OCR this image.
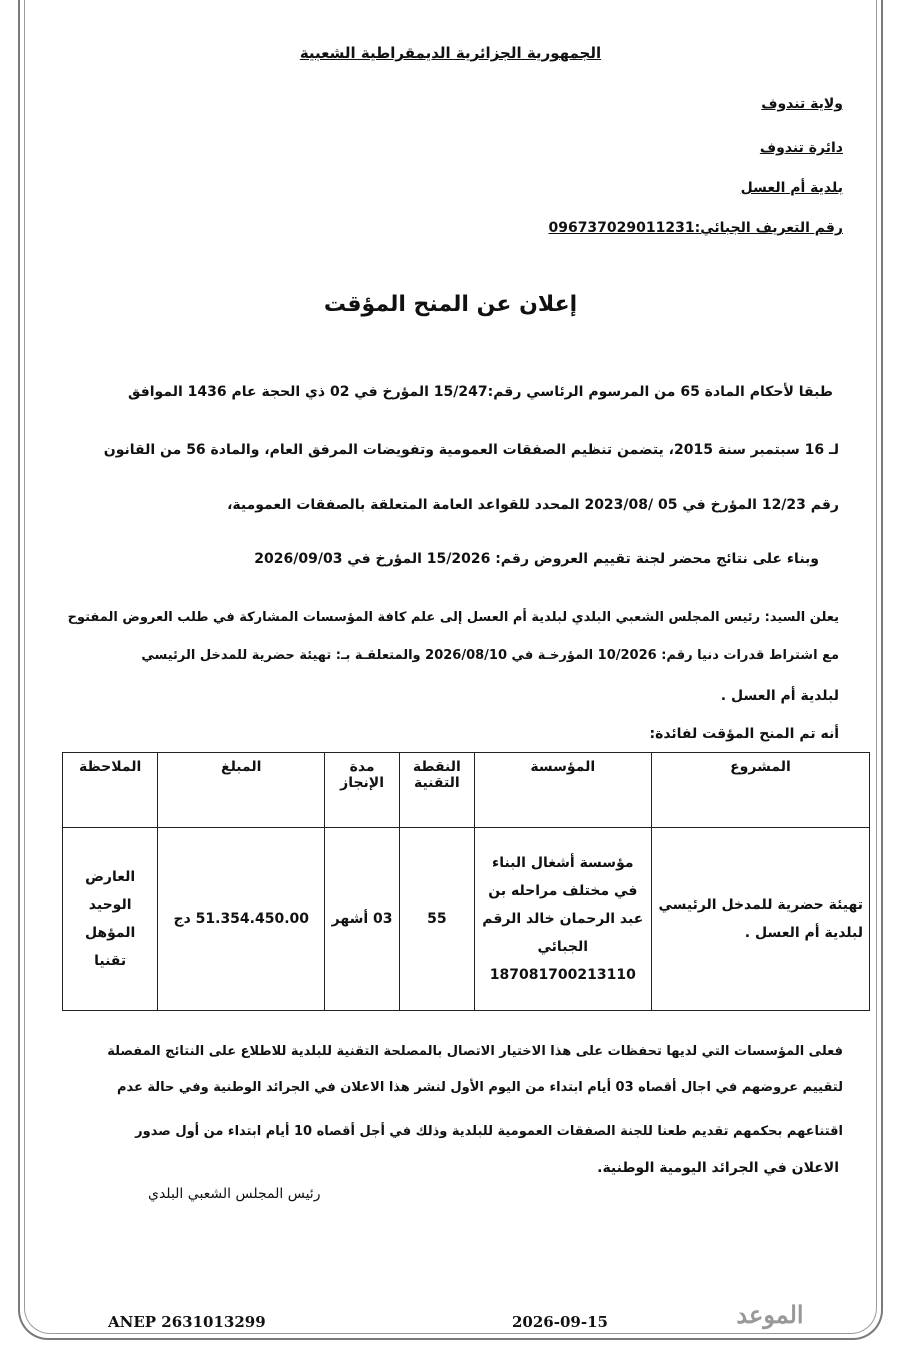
الجمهورية الجزائرية الديمقراطية الشعبية
ولاية تندوف
دائرة تندوف
بلدية أم العسل
رقم التعريف الجبائي:096737029011231
إعلان عن المنح المؤقت
طبقا لأحكام المادة 65 من المرسوم الرئاسي رقم:15/247 المؤرخ في 02 ذي الحجة عام 1436 الموافق
لـ 16 سبتمبر سنة 2015، يتضمن تنظيم الصفقات العمومية وتفويضات المرفق العام، والمادة 56 من القانون
رقم 12/23 المؤرخ في 05 /2023/08 المحدد للقواعد العامة المتعلقة بالصفقات العمومية،
وبناء على نتائج محضر لجنة تقييم العروض رقم: 15/2026 المؤرخ في 2026/09/03
يعلن السيد: رئيس المجلس الشعبي البلدي لبلدية أم العسل إلى علم كافة المؤسسات المشاركة في طلب العروض المفتوح
مع اشتراط قدرات دنيا رقم: 10/2026 المؤرخـة في 2026/08/10 والمتعلقـة بـ: تهيئة حضرية للمدخل الرئيسي
لبلدية أم العسل .
أنه تم المنح المؤقت لفائدة:
المشروع	المؤسسة	النقطة التقنية	مدة الإنجاز	المبلغ	الملاحظة
تهيئة حضرية للمدخل الرئيسي لبلدية أم العسل .	مؤسسة أشغال البناء في مختلف مراحله بن عبد الرحمان خالد الرقم الجبائي 187081700213110	55	03 أشهر	51.354.450.00 دج	العارض الوحيد المؤهل تقنيا
فعلى المؤسسات التي لديها تحفظات على هذا الاختيار الاتصال بالمصلحة التقنية للبلدية للاطلاع على النتائج المفصلة
لتقييم عروضهم في اجال أقصاه 03 أيام ابتداء من اليوم الأول لنشر هذا الاعلان في الجرائد الوطنية وفي حالة عدم
اقتناعهم بحكمهم تقديم طعنا للجنة الصفقات العمومية للبلدية وذلك في أجل أقصاه 10 أيام ابتداء من أول صدور
الاعلان في الجرائد اليومية الوطنية.
رئيس المجلس الشعبي البلدي
ANEP 2631013299	2026-09-15	الموعد
